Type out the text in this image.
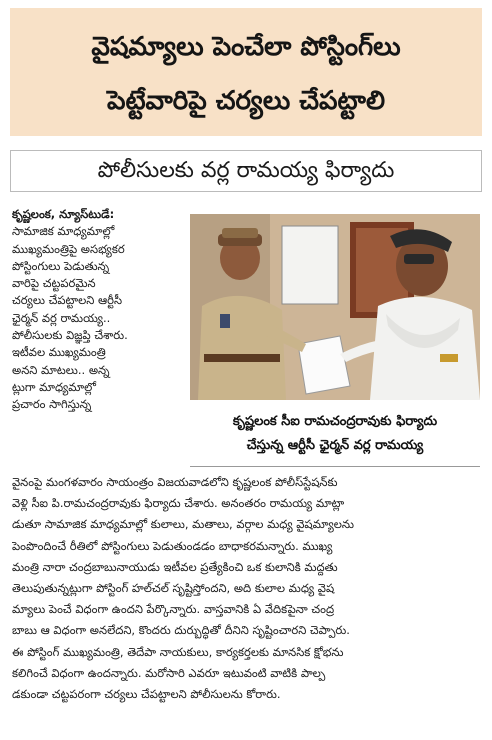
వైషమ్యాలు పెంచేలా పోస్టింగ్‌లు
పెట్టేవారిపై చర్యలు చేపట్టాలి
పోలీసులకు వర్ల రామయ్య ఫిర్యాదు
కృష్ణలంక, న్యూస్‌టుడే:
సామాజిక మాధ్యమాల్లో
ముఖ్యమంత్రిపై అసభ్యకర
పోస్టింగులు పెడుతున్న
వారిపై చట్టపరమైన
చర్యలు చేపట్టాలని ఆర్టీసీ
ఛైర్మన్ వర్ల రామయ్య..
పోలీసులకు విజ్ఞప్తి చేశారు.
ఇటీవల ముఖ్యమంత్రి
అనని మాటలు.. అన్న
ట్లుగా మాధ్యమాల్లో
ప్రచారం సాగిస్తున్న
కృష్ణలంక సీఐ రామచంద్రరావుకు ఫిర్యాదు
చేస్తున్న ఆర్టీసీ ఛైర్మన్ వర్ల రామయ్య
వైనంపై మంగళవారం సాయంత్రం విజయవాడలోని కృష్ణలంక పోలీస్‌స్టేషన్‌కు
వెళ్లి సీఐ పి.రామచంద్రరావుకు ఫిర్యాదు చేశారు. అనంతరం రామయ్య మాట్లా
డుతూ సామాజిక మాధ్యమాల్లో కులాలు, మతాలు, వర్గాల మధ్య వైషమ్యాలను
పెంపొందించే రీతిలో పోస్టింగులు పెడుతుండడం బాధాకరమన్నారు. ముఖ్య
మంత్రి నారా చంద్రబాబునాయుడు ఇటీవల ప్రత్యేకించి ఒక కులానికి మద్దతు
తెలుపుతున్నట్లుగా పోస్టింగ్ హల్‌చల్ సృష్టిస్తోందని, అది కులాల మధ్య వైష
మ్యాలు పెంచే విధంగా ఉందని పేర్కొన్నారు. వాస్తవానికి ఏ వేదికపైనా చంద్ర
బాబు ఆ విధంగా అనలేదని, కొందరు దుర్బుద్ధితో దీనిని సృష్టించారని చెప్పారు.
ఈ పోస్టింగ్ ముఖ్యమంత్రి, తెదేపా నాయకులు, కార్యకర్తలకు మానసిక క్షోభను
కలిగించే విధంగా ఉందన్నారు. మరోసారి ఎవరూ ఇటువంటి వాటికి పాల్ప
డకుండా చట్టపరంగా చర్యలు చేపట్టాలని పోలీసులను కోరారు.
